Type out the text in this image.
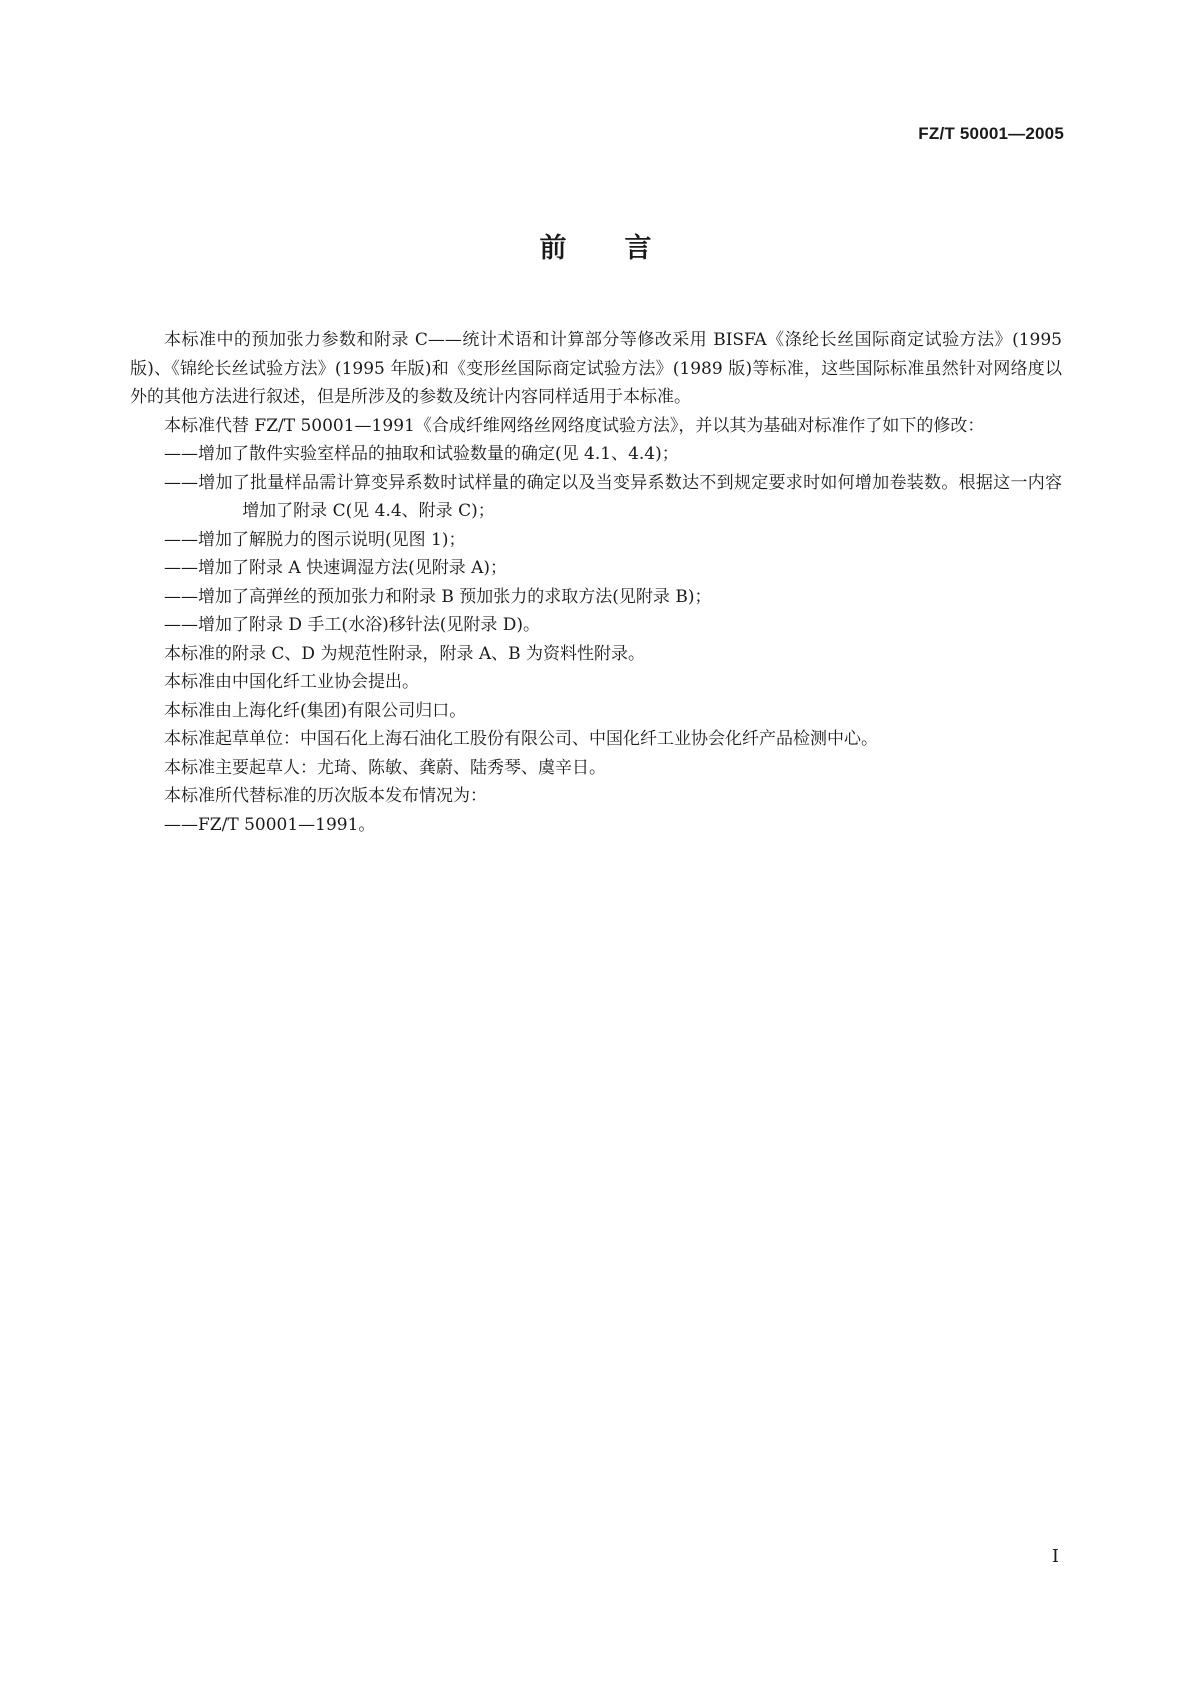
FZ/T 50001—2005
前 言

本标准中的预加张力参数和附录 C——统计术语和计算部分等修改采用 BISFA《涤纶长丝国际商定试验方法》(1995 版)、《锦纶长丝试验方法》(1995 年版)和《变形丝国际商定试验方法》(1989 版)等标准，这些国际标准虽然针对网络度以外的其他方法进行叙述，但是所涉及的参数及统计内容同样适用于本标准。

本标准代替 FZ/T 50001—1991《合成纤维网络丝网络度试验方法》，并以其为基础对标准作了如下的修改：

——增加了散件实验室样品的抽取和试验数量的确定(见 4.1、4.4)；

——增加了批量样品需计算变异系数时试样量的确定以及当变异系数达不到规定要求时如何增加卷装数。根据这一内容增加了附录 C(见 4.4、附录 C)；

——增加了解脱力的图示说明(见图 1)；

——增加了附录 A 快速调湿方法(见附录 A)；

——增加了高弹丝的预加张力和附录 B 预加张力的求取方法(见附录 B)；

——增加了附录 D 手工(水浴)移针法(见附录 D)。

本标准的附录 C、D 为规范性附录，附录 A、B 为资料性附录。

本标准由中国化纤工业协会提出。

本标准由上海化纤(集团)有限公司归口。

本标准起草单位：中国石化上海石油化工股份有限公司、中国化纤工业协会化纤产品检测中心。

本标准主要起草人：尤琦、陈敏、龚蔚、陆秀琴、虞辛日。

本标准所代替标准的历次版本发布情况为：

——FZ/T 50001—1991。

I
